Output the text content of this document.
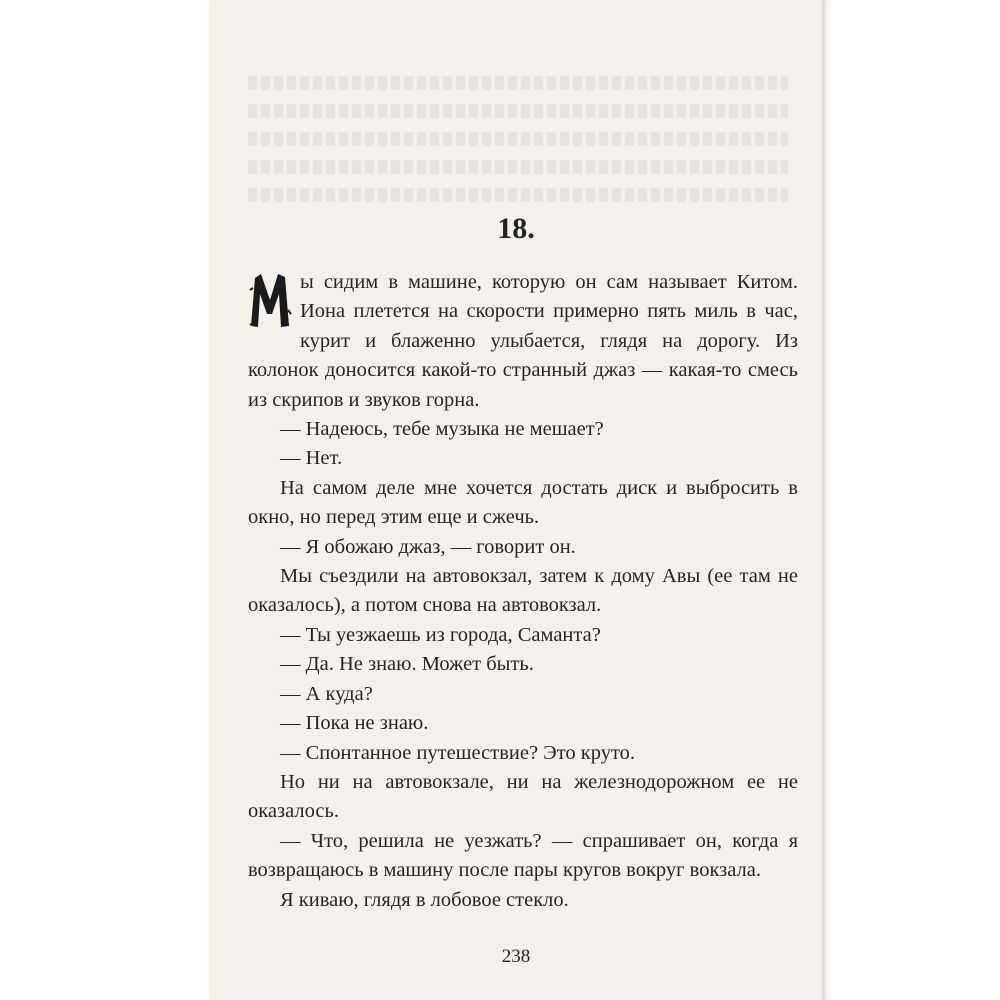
18.

М
ы сидим в машине, которую он сам называет Китом. Иона плетется на скорости примерно пять миль в час, курит и блаженно улыбается, глядя на дорогу. Из колонок доносится какой-то странный джаз — какая-то смесь из скрипов и звуков горна.

— Надеюсь, тебе музыка не мешает?

— Нет.

На самом деле мне хочется достать диск и выбросить в окно, но перед этим еще и сжечь.

— Я обожаю джаз, — говорит он.

Мы съездили на автовокзал, затем к дому Авы (ее там не оказалось), а потом снова на автовокзал.

— Ты уезжаешь из города, Саманта?

— Да. Не знаю. Может быть.

— А куда?

— Пока не знаю.

— Спонтанное путешествие? Это круто.

Но ни на автовокзале, ни на железнодорожном ее не оказалось.

— Что, решила не уезжать? — спрашивает он, когда я возвращаюсь в машину после пары кругов вокруг вокзала.

Я киваю, глядя в лобовое стекло.

238
